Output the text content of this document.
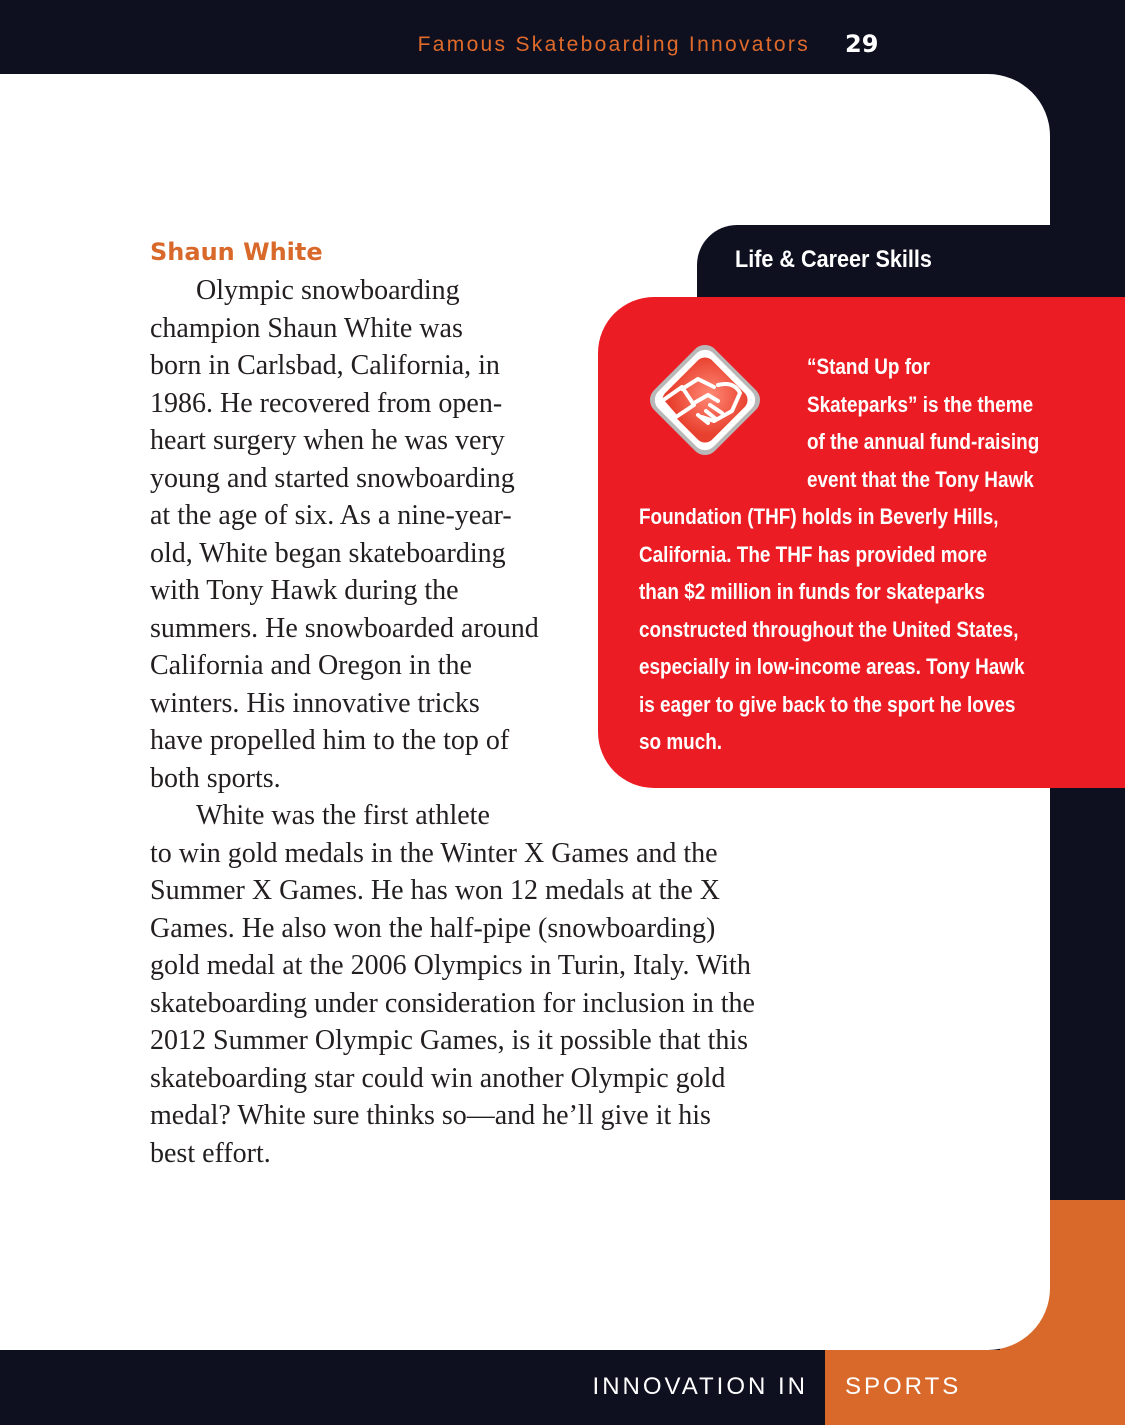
Famous Skateboarding Innovators 29
Shaun White

Olympic snowboarding
champion Shaun White was
born in Carlsbad, California, in
1986. He recovered from open-
heart surgery when he was very
young and started snowboarding
at the age of six. As a nine-year-
old, White began skateboarding
with Tony Hawk during the
summers. He snowboarded around
California and Oregon in the
winters. His innovative tricks
have propelled him to the top of
both sports.

White was the first athlete
to win gold medals in the Winter X Games and the
Summer X Games. He has won 12 medals at the X
Games. He also won the half-pipe (snowboarding)
gold medal at the 2006 Olympics in Turin, Italy. With
skateboarding under consideration for inclusion in the
2012 Summer Olympic Games, is it possible that this
skateboarding star could win another Olympic gold
medal? White sure thinks so—and he’ll give it his
best effort.

Life & Career Skills
“Stand Up for
Skateparks” is the theme
of the annual fund-raising
event that the Tony Hawk
Foundation (THF) holds in Beverly Hills,
California. The THF has provided more
than $2 million in funds for skateparks
constructed throughout the United States,
especially in low-income areas. Tony Hawk
is eager to give back to the sport he loves
so much.
INNOVATION IN SPORTS
